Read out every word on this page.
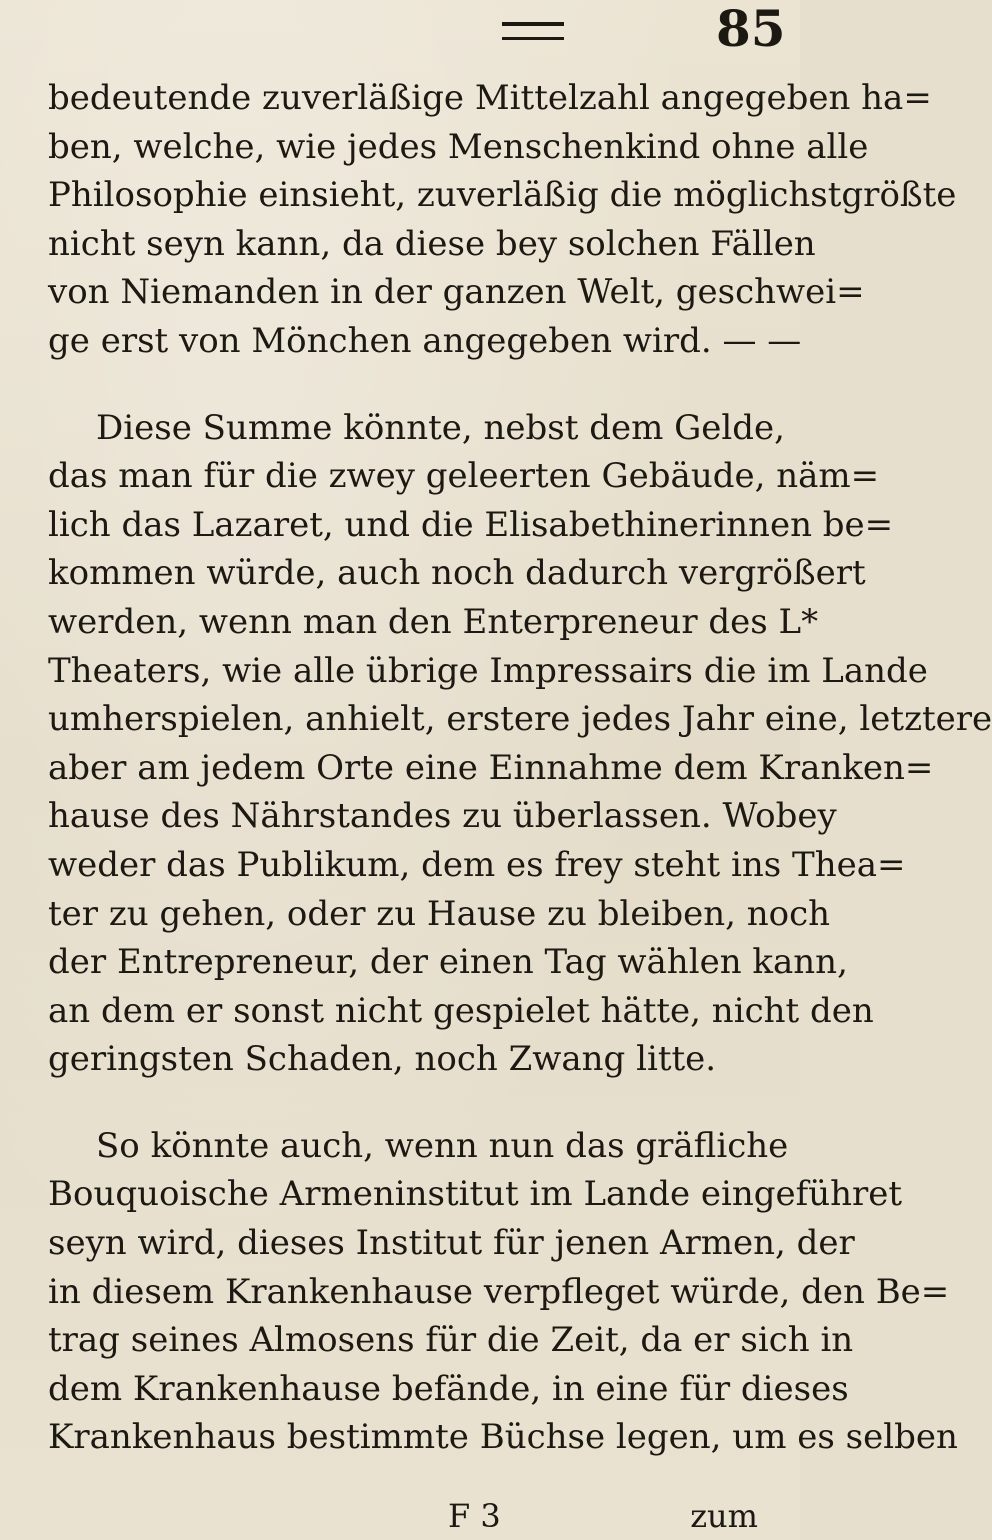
85
bedeutende zuverläßige Mittelzahl angegeben ha=
ben, welche, wie jedes Menschenkind ohne alle
Philosophie einsieht, zuverläßig die möglichstgrößte
nicht seyn kann, da diese bey solchen Fällen
von Niemanden in der ganzen Welt, geschwei=
ge erst von Mönchen angegeben wird. — —
Diese Summe könnte, nebst dem Gelde,
das man für die zwey geleerten Gebäude, näm=
lich das Lazaret, und die Elisabethinerinnen be=
kommen würde, auch noch dadurch vergrößert
werden, wenn man den Enterpreneur des L*
Theaters, wie alle übrige Impressairs die im Lande
umherspielen, anhielt, erstere jedes Jahr eine, letztere
aber am jedem Orte eine Einnahme dem Kranken=
hause des Nährstandes zu überlassen. Wobey
weder das Publikum, dem es frey steht ins Thea=
ter zu gehen, oder zu Hause zu bleiben, noch
der Entrepreneur, der einen Tag wählen kann,
an dem er sonst nicht gespielet hätte, nicht den
geringsten Schaden, noch Zwang litte.
So könnte auch, wenn nun das gräfliche
Bouquoische Armeninstitut im Lande eingeführet
seyn wird, dieses Institut für jenen Armen, der
in diesem Krankenhause verpfleget würde, den Be=
trag seines Almosens für die Zeit, da er sich in
dem Krankenhause befände, in eine für dieses
Krankenhaus bestimmte Büchse legen, um es selben
F 3	zum
